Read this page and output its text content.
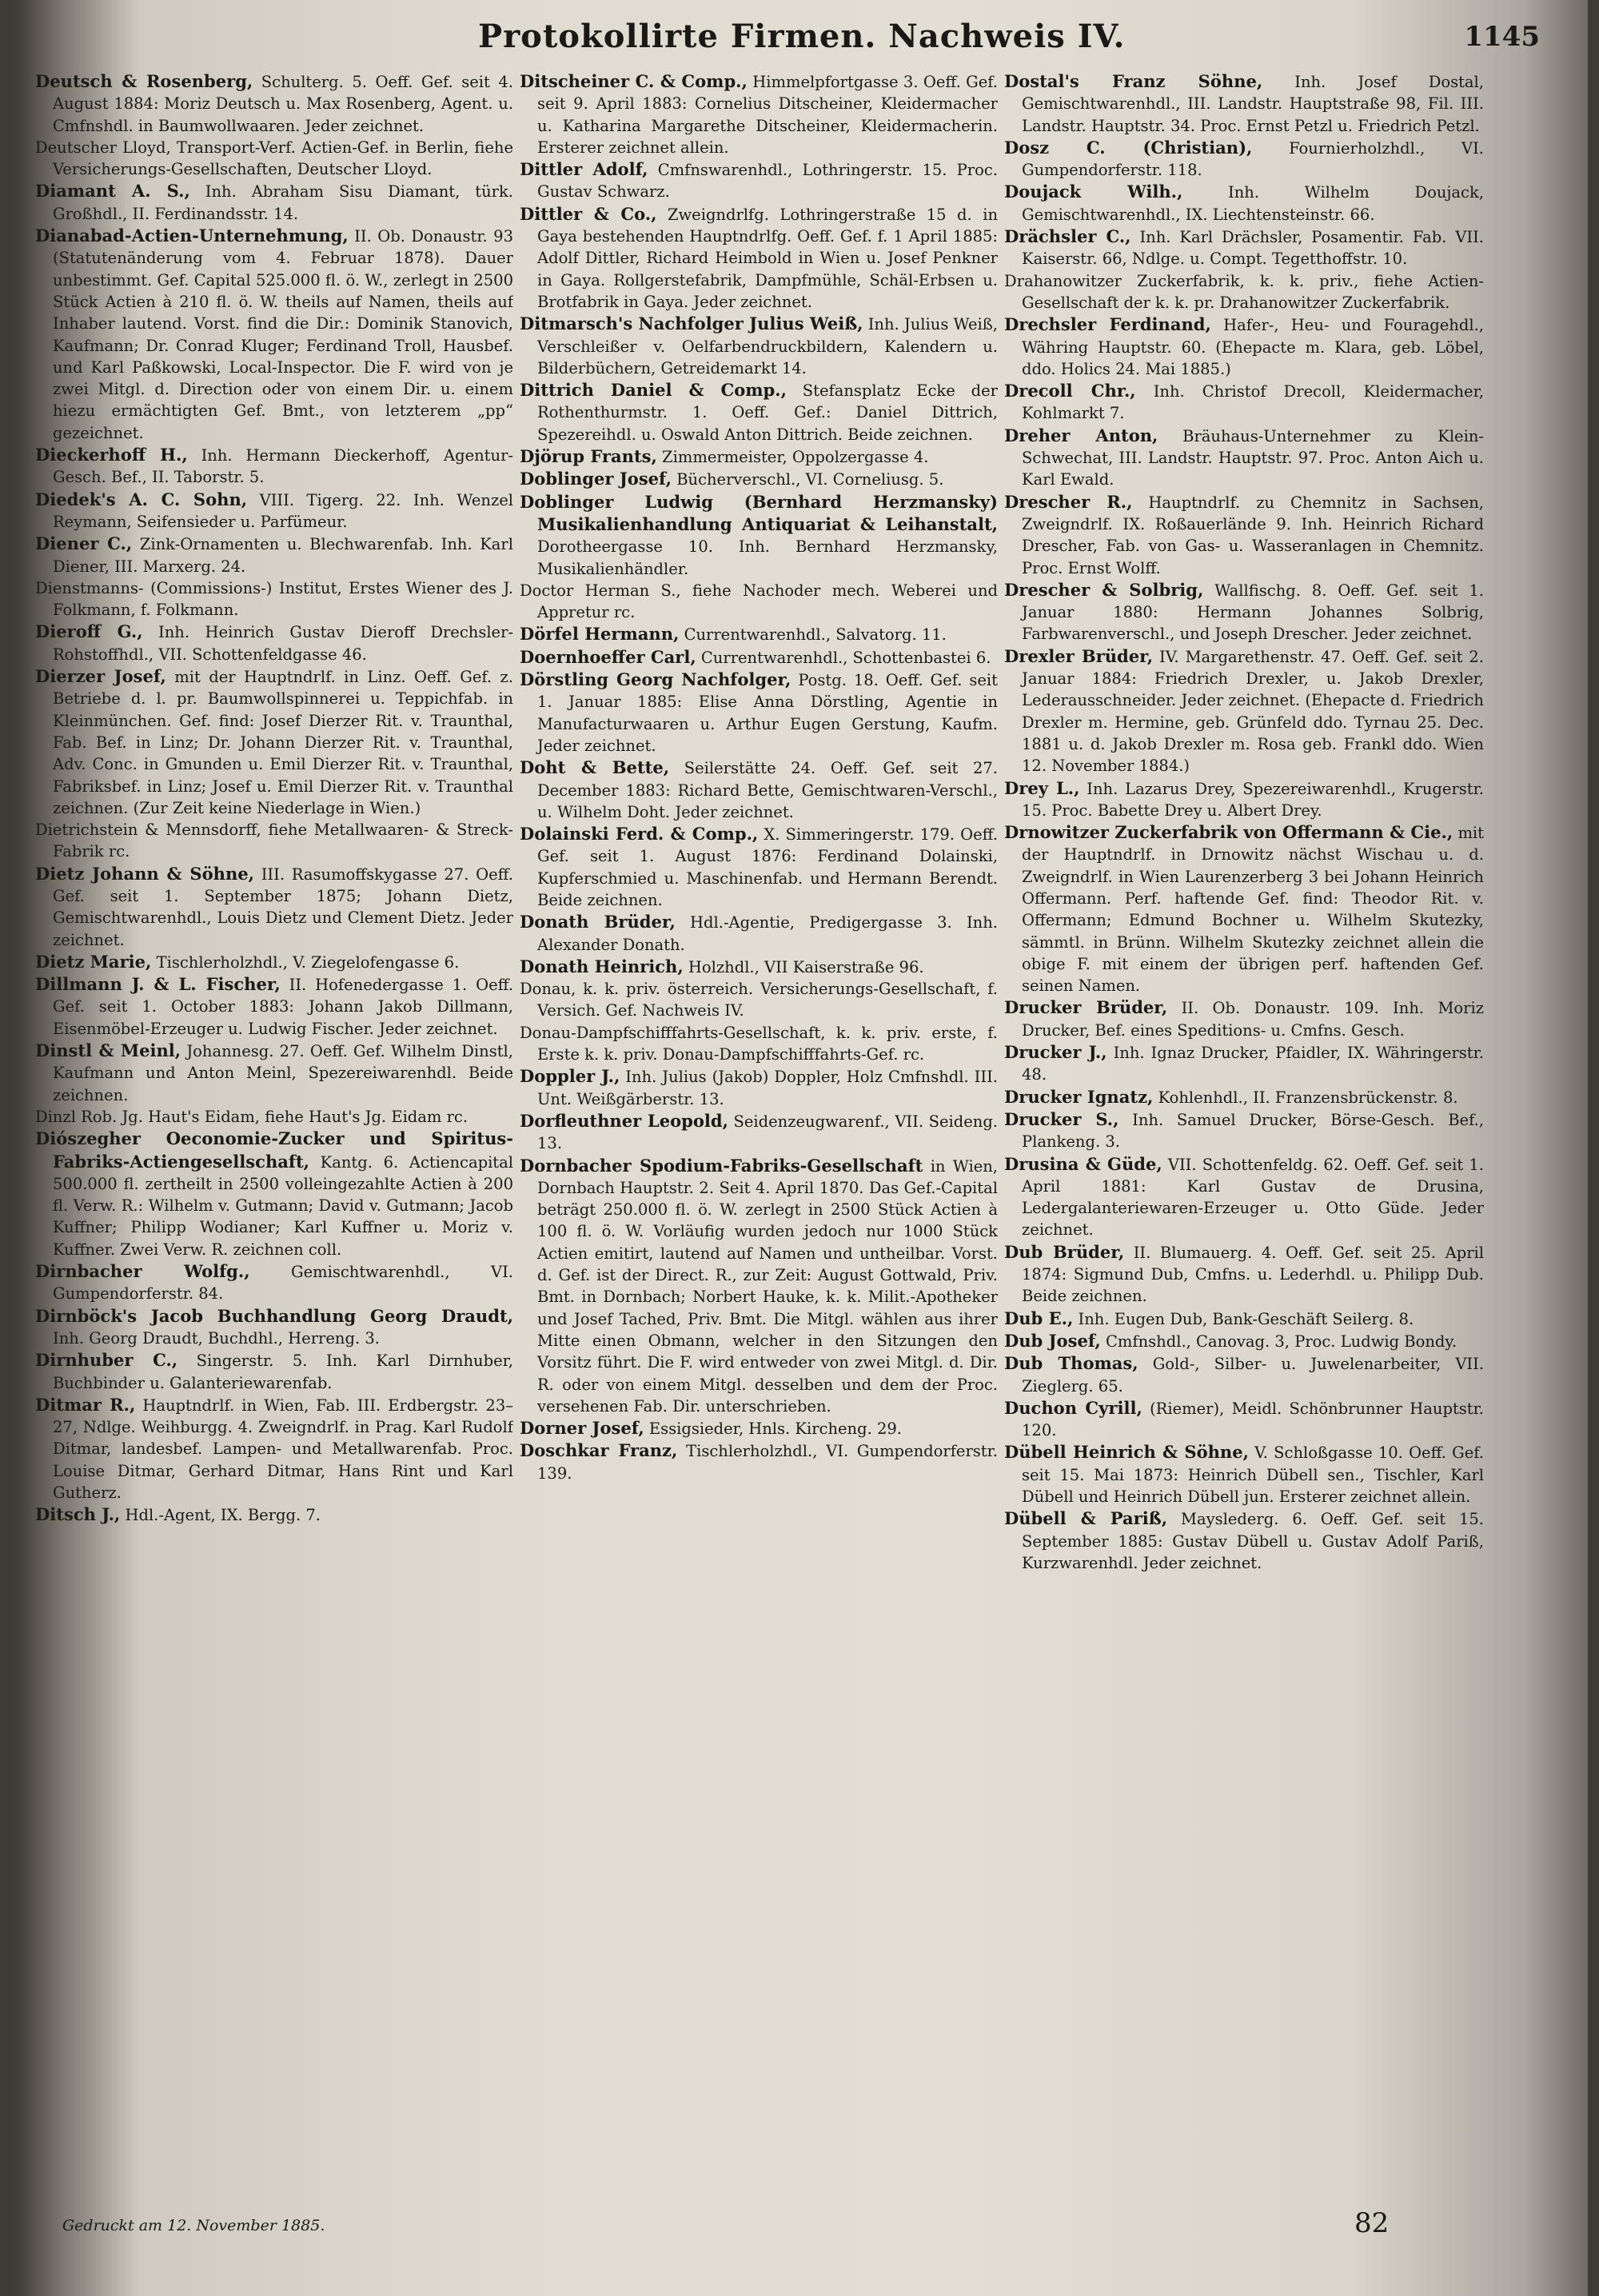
Protokollirte Firmen. Nachweis IV.	1145

Deutsch & Rosenberg, Schulterg. 5. Oeff. Gef. seit 4. August 1884: Moriz Deutsch u. Max Rosenberg, Agent. u. Cmfnshdl. in Baumwollwaaren. Jeder zeichnet.

Deutscher Lloyd, Transport-Verf. Actien-Gef. in Berlin, fiehe Versicherungs-Gesellschaften, Deutscher Lloyd.

Diamant A. S., Inh. Abraham Sisu Diamant, türk. Großhdl., II. Ferdinandsstr. 14.

Dianabad-Actien-Unternehmung, II. Ob. Donaustr. 93 (Statutenänderung vom 4. Februar 1878). Dauer unbestimmt. Gef. Capital 525.000 fl. ö. W., zerlegt in 2500 Stück Actien à 210 fl. ö. W. theils auf Namen, theils auf Inhaber lautend. Vorst. find die Dir.: Dominik Stanovich, Kaufmann; Dr. Conrad Kluger; Ferdinand Troll, Hausbef. und Karl Paßkowski, Local-Inspector. Die F. wird von je zwei Mitgl. d. Direction oder von einem Dir. u. einem hiezu ermächtigten Gef. Bmt., von letzterem „pp“ gezeichnet.

Dieckerhoff H., Inh. Hermann Dieckerhoff, Agentur-Gesch. Bef., II. Taborstr. 5.

Diedek's A. C. Sohn, VIII. Tigerg. 22. Inh. Wenzel Reymann, Seifensieder u. Parfümeur.

Diener C., Zink-Ornamenten u. Blechwarenfab. Inh. Karl Diener, III. Marxerg. 24.

Dienstmanns- (Commissions-) Institut, Erstes Wiener des J. Folkmann, f. Folkmann.

Dieroff G., Inh. Heinrich Gustav Dieroff Drechsler-Rohstoffhdl., VII. Schottenfeldgasse 46.

Dierzer Josef, mit der Hauptndrlf. in Linz. Oeff. Gef. z. Betriebe d. l. pr. Baumwollspinnerei u. Teppichfab. in Kleinmünchen. Gef. find: Josef Dierzer Rit. v. Traunthal, Fab. Bef. in Linz; Dr. Johann Dierzer Rit. v. Traunthal, Adv. Conc. in Gmunden u. Emil Dierzer Rit. v. Traunthal, Fabriksbef. in Linz; Josef u. Emil Dierzer Rit. v. Traunthal zeichnen. (Zur Zeit keine Niederlage in Wien.)

Dietrichstein & Mennsdorff, fiehe Metallwaaren- & Streck-Fabrik rc.

Dietz Johann & Söhne, III. Rasumoffskygasse 27. Oeff. Gef. seit 1. September 1875; Johann Dietz, Gemischtwarenhdl., Louis Dietz und Clement Dietz. Jeder zeichnet.

Dietz Marie, Tischlerholzhdl., V. Ziegelofengasse 6.

Dillmann J. & L. Fischer, II. Hofenedergasse 1. Oeff. Gef. seit 1. October 1883: Johann Jakob Dillmann, Eisenmöbel-Erzeuger u. Ludwig Fischer. Jeder zeichnet.

Dinstl & Meinl, Johannesg. 27. Oeff. Gef. Wilhelm Dinstl, Kaufmann und Anton Meinl, Spezereiwarenhdl. Beide zeichnen.

Dinzl Rob. Jg. Haut's Eidam, fiehe Haut's Jg. Eidam rc.

Diószegher Oeconomie-Zucker und Spiritus-Fabriks-Actiengesellschaft, Kantg. 6. Actiencapital 500.000 fl. zertheilt in 2500 volleingezahlte Actien à 200 fl. Verw. R.: Wilhelm v. Gutmann; David v. Gutmann; Jacob Kuffner; Philipp Wodianer; Karl Kuffner u. Moriz v. Kuffner. Zwei Verw. R. zeichnen coll.

Dirnbacher Wolfg.,	Gemischtwarenhdl., VI. Gumpendorferstr. 84.

Dirnböck's Jacob Buchhandlung Georg Draudt, Inh. Georg Draudt, Buchdhl., Herreng. 3.

Dirnhuber C., Singerstr. 5. Inh. Karl Dirnhuber, Buchbinder u. Galanteriewarenfab.

Ditmar R., Hauptndrlf. in Wien, Fab. III. Erdbergstr. 23–27, Ndlge. Weihburgg. 4. Zweigndrlf. in Prag. Karl Rudolf Ditmar, landesbef. Lampen- und Metallwarenfab. Proc. Louise Ditmar, Gerhard Ditmar, Hans Rint und Karl Gutherz.

Ditsch J., Hdl.-Agent, IX. Bergg. 7.

Ditscheiner C. & Comp., Himmelpfortgasse 3. Oeff. Gef. seit 9. April 1883: Cornelius Ditscheiner, Kleidermacher u. Katharina Margarethe Ditscheiner, Kleidermacherin. Ersterer zeichnet allein.

Dittler Adolf, Cmfnswarenhdl., Lothringerstr. 15. Proc. Gustav Schwarz.

Dittler & Co., Zweigndrlfg. Lothringerstraße 15 d. in Gaya bestehenden Hauptndrlfg. Oeff. Gef. f. 1 April 1885: Adolf Dittler, Richard Heimbold in Wien u. Josef Penkner in Gaya. Rollgerstefabrik, Dampfmühle, Schäl-Erbsen u. Brotfabrik in Gaya. Jeder zeichnet.

Ditmarsch's Nachfolger Julius Weiß, Inh. Julius Weiß, Verschleißer v. Oelfarbendruckbildern, Kalendern u. Bilderbüchern, Getreidemarkt 14.

Dittrich Daniel & Comp., Stefansplatz Ecke der Rothenthurmstr. 1. Oeff. Gef.: Daniel Dittrich, Spezereihdl. u. Oswald Anton Dittrich. Beide zeichnen.

Djörup Frants, Zimmermeister, Oppolzergasse 4.

Doblinger Josef, Bücherverschl., VI. Corneliusg. 5.

Doblinger Ludwig (Bernhard Herzmansky) Musikalienhandlung Antiquariat & Leihanstalt, Dorotheergasse 10. Inh. Bernhard Herzmansky, Musikalienhändler.

Doctor Herman S., fiehe Nachoder mech. Weberei und Appretur rc.

Dörfel Hermann, Currentwarenhdl., Salvatorg. 11.

Doernhoeffer Carl, Currentwarenhdl., Schottenbastei 6.

Dörstling Georg Nachfolger, Postg. 18. Oeff. Gef. seit 1. Januar 1885: Elise Anna Dörstling, Agentie in Manufacturwaaren u. Arthur Eugen Gerstung, Kaufm. Jeder zeichnet.

Doht & Bette, Seilerstätte 24. Oeff. Gef. seit 27. December 1883: Richard Bette, Gemischtwaren-Verschl., u. Wilhelm Doht. Jeder zeichnet.

Dolainski Ferd. & Comp., X. Simmeringerstr. 179. Oeff. Gef. seit 1. August 1876: Ferdinand Dolainski, Kupferschmied u. Maschinenfab. und Hermann Berendt. Beide zeichnen.

Donath Brüder, Hdl.-Agentie, Predigergasse 3. Inh. Alexander Donath.

Donath Heinrich, Holzhdl., VII Kaiserstraße 96.

Donau, k. k. priv. österreich. Versicherungs-Gesellschaft, f. Versich. Gef. Nachweis IV.

Donau-Dampfschifffahrts-Gesellschaft, k. k. priv. erste, f. Erste k. k. priv. Donau-Dampfschifffahrts-Gef. rc.

Doppler J., Inh. Julius (Jakob) Doppler, Holz Cmfnshdl. III. Unt. Weißgärberstr. 13.

Dorfleuthner Leopold, Seidenzeugwarenf., VII. Seideng. 13.

Dornbacher Spodium-Fabriks-Gesellschaft in Wien, Dornbach Hauptstr. 2. Seit 4. April 1870. Das Gef.-Capital beträgt 250.000 fl. ö. W. zerlegt in 2500 Stück Actien à 100 fl. ö. W. Vorläufig wurden jedoch nur 1000 Stück Actien emitirt, lautend auf Namen und untheilbar. Vorst. d. Gef. ist der Direct. R., zur Zeit: August Gottwald, Priv. Bmt. in Dornbach; Norbert Hauke, k. k. Milit.-Apotheker und Josef Tached, Priv. Bmt. Die Mitgl. wählen aus ihrer Mitte einen Obmann, welcher in den Sitzungen den Vorsitz führt. Die F. wird entweder von zwei Mitgl. d. Dir. R. oder von einem Mitgl. desselben und dem der Proc. versehenen Fab. Dir. unterschrieben.

Dorner Josef, Essigsieder, Hnls. Kircheng. 29.

Doschkar Franz, Tischlerholzhdl., VI. Gumpendorferstr. 139.

Dostal's Franz Söhne, Inh. Josef Dostal, Gemischtwarenhdl., III. Landstr. Hauptstraße 98, Fil. III. Landstr. Hauptstr. 34. Proc. Ernst Petzl u. Friedrich Petzl.

Dosz C. (Christian), Fournierholzhdl., VI. Gumpendorferstr. 118.

Doujack Wilh.,	Inh. Wilhelm Doujack, Gemischtwarenhdl., IX. Liechtensteinstr. 66.

Drächsler C., Inh. Karl Drächsler, Posamentir. Fab. VII. Kaiserstr. 66, Ndlge. u. Compt. Tegetthoffstr. 10.

Drahanowitzer Zuckerfabrik, k. k. priv., fiehe Actien-Gesellschaft der k. k. pr. Drahanowitzer Zuckerfabrik.

Drechsler Ferdinand, Hafer-, Heu- und Fouragehdl., Währing Hauptstr. 60. (Ehepacte m. Klara, geb. Löbel, ddo. Holics 24. Mai 1885.)

Drecoll Chr., Inh. Christof Drecoll, Kleidermacher, Kohlmarkt 7.

Dreher Anton, Bräuhaus-Unternehmer zu Klein-Schwechat, III. Landstr. Hauptstr. 97. Proc. Anton Aich u. Karl Ewald.

Drescher R., Hauptndrlf. zu Chemnitz in Sachsen, Zweigndrlf. IX. Roßauerlände 9. Inh. Heinrich Richard Drescher, Fab. von Gas- u. Wasseranlagen in Chemnitz. Proc. Ernst Wolff.

Drescher & Solbrig, Wallfischg. 8. Oeff. Gef. seit 1. Januar 1880: Hermann Johannes Solbrig, Farbwarenverschl., und Joseph Drescher. Jeder zeichnet.

Drexler Brüder, IV. Margarethenstr. 47. Oeff. Gef. seit 2. Januar 1884: Friedrich Drexler, u. Jakob Drexler, Lederausschneider. Jeder zeichnet. (Ehepacte d. Friedrich Drexler m. Hermine, geb. Grünfeld ddo. Tyrnau 25. Dec. 1881 u. d. Jakob Drexler m. Rosa geb. Frankl ddo. Wien 12. November 1884.)

Drey L., Inh. Lazarus Drey, Spezereiwarenhdl., Krugerstr. 15. Proc. Babette Drey u. Albert Drey.

Drnowitzer Zuckerfabrik von Offermann & Cie., mit der Hauptndrlf. in Drnowitz nächst Wischau u. d. Zweigndrlf. in Wien Laurenzerberg 3 bei Johann Heinrich Offermann. Perf. haftende Gef. find: Theodor Rit. v. Offermann; Edmund Bochner u. Wilhelm Skutezky, sämmtl. in Brünn. Wilhelm Skutezky zeichnet allein die obige F. mit einem der übrigen perf. haftenden Gef. seinen Namen.

Drucker Brüder, II. Ob. Donaustr. 109. Inh. Moriz Drucker, Bef. eines Speditions- u. Cmfns. Gesch.

Drucker J., Inh. Ignaz Drucker, Pfaidler, IX. Währingerstr. 48.

Drucker Ignatz, Kohlenhdl., II. Franzensbrückenstr. 8.

Drucker S., Inh. Samuel Drucker, Börse-Gesch. Bef., Plankeng. 3.

Drusina & Güde, VII. Schottenfeldg. 62. Oeff. Gef. seit 1. April 1881: Karl Gustav de Drusina, Ledergalanteriewaren-Erzeuger u. Otto Güde. Jeder zeichnet.

Dub Brüder, II. Blumauerg. 4. Oeff. Gef. seit 25. April 1874: Sigmund Dub, Cmfns. u. Lederhdl. u. Philipp Dub. Beide zeichnen.

Dub E., Inh. Eugen Dub, Bank-Geschäft Seilerg. 8.

Dub Josef, Cmfnshdl., Canovag. 3, Proc. Ludwig Bondy.

Dub Thomas, Gold-, Silber- u. Juwelenarbeiter, VII. Zieglerg. 65.

Duchon Cyrill, (Riemer), Meidl. Schönbrunner Hauptstr. 120.

Dübell Heinrich & Söhne, V. Schloßgasse 10. Oeff. Gef. seit 15. Mai 1873: Heinrich Dübell sen., Tischler, Karl Dübell und Heinrich Dübell jun. Ersterer zeichnet allein.

Dübell & Pariß, Mayslederg. 6. Oeff. Gef. seit 15. September 1885: Gustav Dübell u. Gustav Adolf Pariß, Kurzwarenhdl. Jeder zeichnet.

Gedruckt am 12. November 1885.	82
